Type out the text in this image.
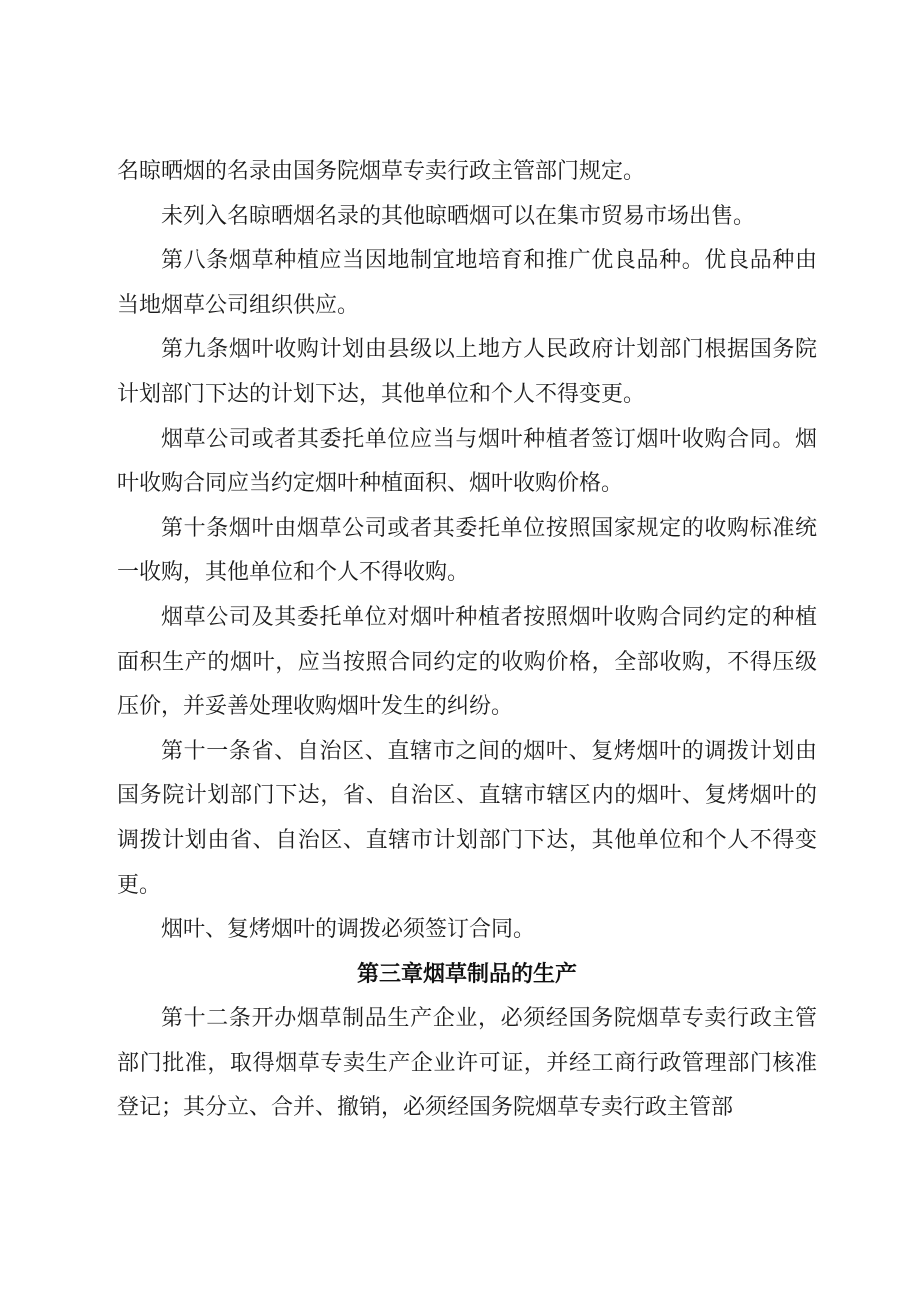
名晾晒烟的名录由国务院烟草专卖行政主管部门规定。

未列入名晾晒烟名录的其他晾晒烟可以在集市贸易市场出售。

第八条烟草种植应当因地制宜地培育和推广优良品种。优良品种由当地烟草公司组织供应。

第九条烟叶收购计划由县级以上地方人民政府计划部门根据国务院计划部门下达的计划下达，其他单位和个人不得变更。

烟草公司或者其委托单位应当与烟叶种植者签订烟叶收购合同。烟叶收购合同应当约定烟叶种植面积、烟叶收购价格。

第十条烟叶由烟草公司或者其委托单位按照国家规定的收购标准统一收购，其他单位和个人不得收购。

烟草公司及其委托单位对烟叶种植者按照烟叶收购合同约定的种植面积生产的烟叶，应当按照合同约定的收购价格，全部收购，不得压级压价，并妥善处理收购烟叶发生的纠纷。

第十一条省、自治区、直辖市之间的烟叶、复烤烟叶的调拨计划由国务院计划部门下达，省、自治区、直辖市辖区内的烟叶、复烤烟叶的调拨计划由省、自治区、直辖市计划部门下达，其他单位和个人不得变更。

烟叶、复烤烟叶的调拨必须签订合同。

第三章烟草制品的生产

第十二条开办烟草制品生产企业，必须经国务院烟草专卖行政主管部门批准，取得烟草专卖生产企业许可证，并经工商行政管理部门核准登记；其分立、合并、撤销，必须经国务院烟草专卖行政主管部
